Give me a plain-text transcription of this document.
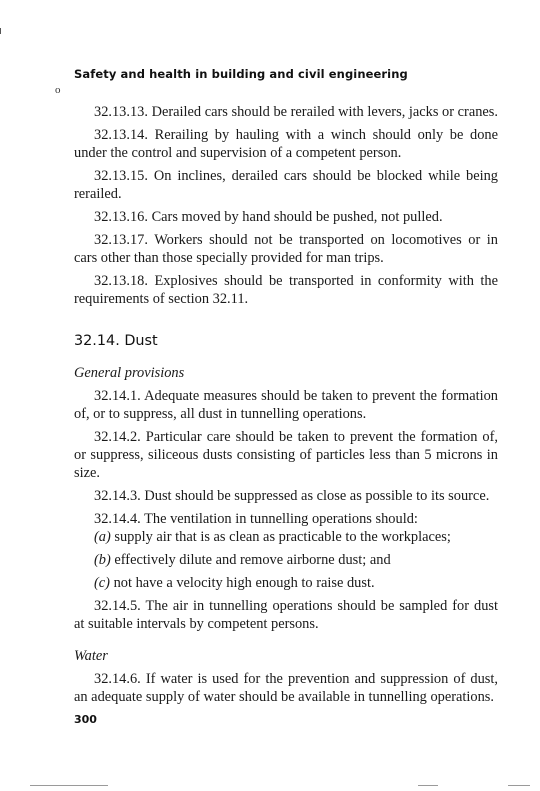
Safety and health in building and civil engineering
o

32.13.13. Derailed cars should be rerailed with levers, jacks or cranes.

32.13.14. Rerailing by hauling with a winch should only be done under the control and supervision of a competent person.

32.13.15. On inclines, derailed cars should be blocked while being rerailed.

32.13.16. Cars moved by hand should be pushed, not pulled.

32.13.17. Workers should not be transported on locomotives or in cars other than those specially provided for man trips.

32.13.18. Explosives should be transported in conformity with the requirements of section 32.11.

32.14. Dust

General provisions

32.14.1. Adequate measures should be taken to prevent the formation of, or to suppress, all dust in tunnelling operations.

32.14.2. Particular care should be taken to prevent the formation of, or suppress, siliceous dusts consisting of particles less than 5 microns in size.

32.14.3. Dust should be suppressed as close as possible to its source.

32.14.4. The ventilation in tunnelling operations should:

(a) supply air that is as clean as practicable to the workplaces;

(b) effectively dilute and remove airborne dust; and

(c) not have a velocity high enough to raise dust.

32.14.5. The air in tunnelling operations should be sampled for dust at suitable intervals by competent persons.

Water

32.14.6. If water is used for the prevention and suppression of dust, an adequate supply of water should be available in tunnelling operations.

300
